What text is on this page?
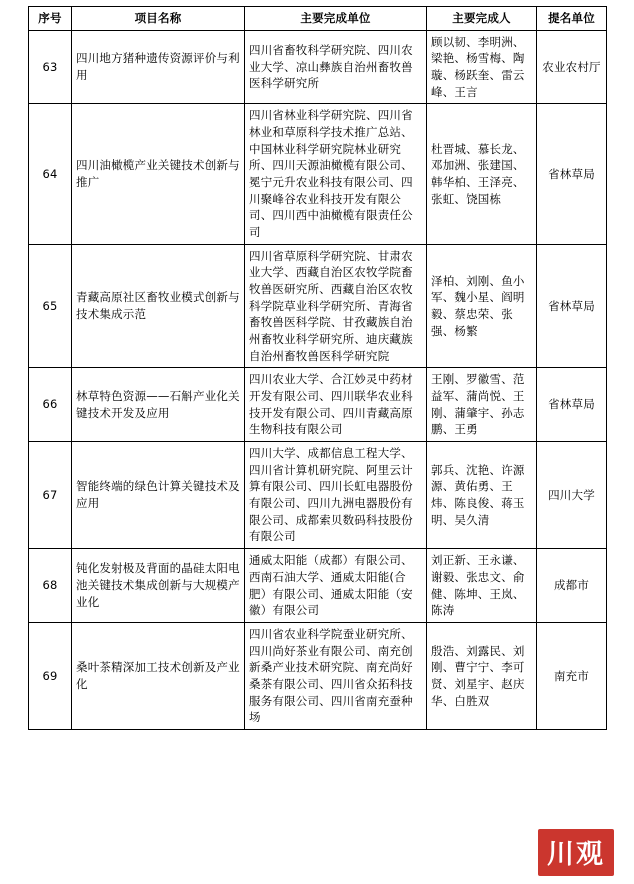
序号	项目名称	主要完成单位	主要完成人	提名单位
63	四川地方猪种遗传资源评价与利用	四川省畜牧科学研究院、四川农业大学、凉山彝族自治州畜牧兽医科学研究所	顾以韧、李明洲、梁艳、杨雪梅、陶璇、杨跃奎、雷云峰、王言	农业农村厅
64	四川油橄榄产业关键技术创新与推广	四川省林业科学研究院、四川省林业和草原科学技术推广总站、中国林业科学研究院林业研究所、四川天源油橄榄有限公司、冕宁元升农业科技有限公司、四川聚峰谷农业科技开发有限公司、四川西中油橄榄有限责任公司	杜晋城、慕长龙、邓加洲、张建国、韩华柏、王泽亮、张虹、饶国栋	省林草局
65	青藏高原社区畜牧业模式创新与技术集成示范	四川省草原科学研究院、甘肃农业大学、西藏自治区农牧学院畜牧兽医研究所、西藏自治区农牧科学院草业科学研究所、青海省畜牧兽医科学院、甘孜藏族自治州畜牧业科学研究所、迪庆藏族自治州畜牧兽医科学研究院	泽柏、刘刚、鱼小军、魏小星、阎明毅、蔡忠荣、张强、杨繁	省林草局
66	林草特色资源——石斛产业化关键技术开发及应用	四川农业大学、合江妙灵中药材开发有限公司、四川联华农业科技开发有限公司、四川青藏高原生物科技有限公司	王刚、罗徽雪、范益军、蒲尚悦、王刚、蒲肇宇、孙志鹏、王勇	省林草局
67	智能终端的绿色计算关键技术及应用	四川大学、成都信息工程大学、四川省计算机研究院、阿里云计算有限公司、四川长虹电器股份有限公司、四川九洲电器股份有限公司、成都索贝数码科技股份有限公司	郭兵、沈艳、许源源、黄佑勇、王炜、陈良俊、蒋玉明、吴久清	四川大学
68	钝化发射极及背面的晶硅太阳电池关键技术集成创新与大规模产业化	通威太阳能（成都）有限公司、西南石油大学、通威太阳能(合肥）有限公司、通威太阳能（安徽）有限公司	刘正新、王永谦、谢毅、张忠文、俞健、陈坤、王岚、陈涛	成都市
69	桑叶茶精深加工技术创新及产业化	四川省农业科学院蚕业研究所、四川尚好茶业有限公司、南充创新桑产业技术研究院、南充尚好桑茶有限公司、四川省众拓科技服务有限公司、四川省南充蚕种场	殷浩、刘露民、刘刚、曹宁宁、李可贤、刘星宇、赵庆华、白胜双	南充市
川观
